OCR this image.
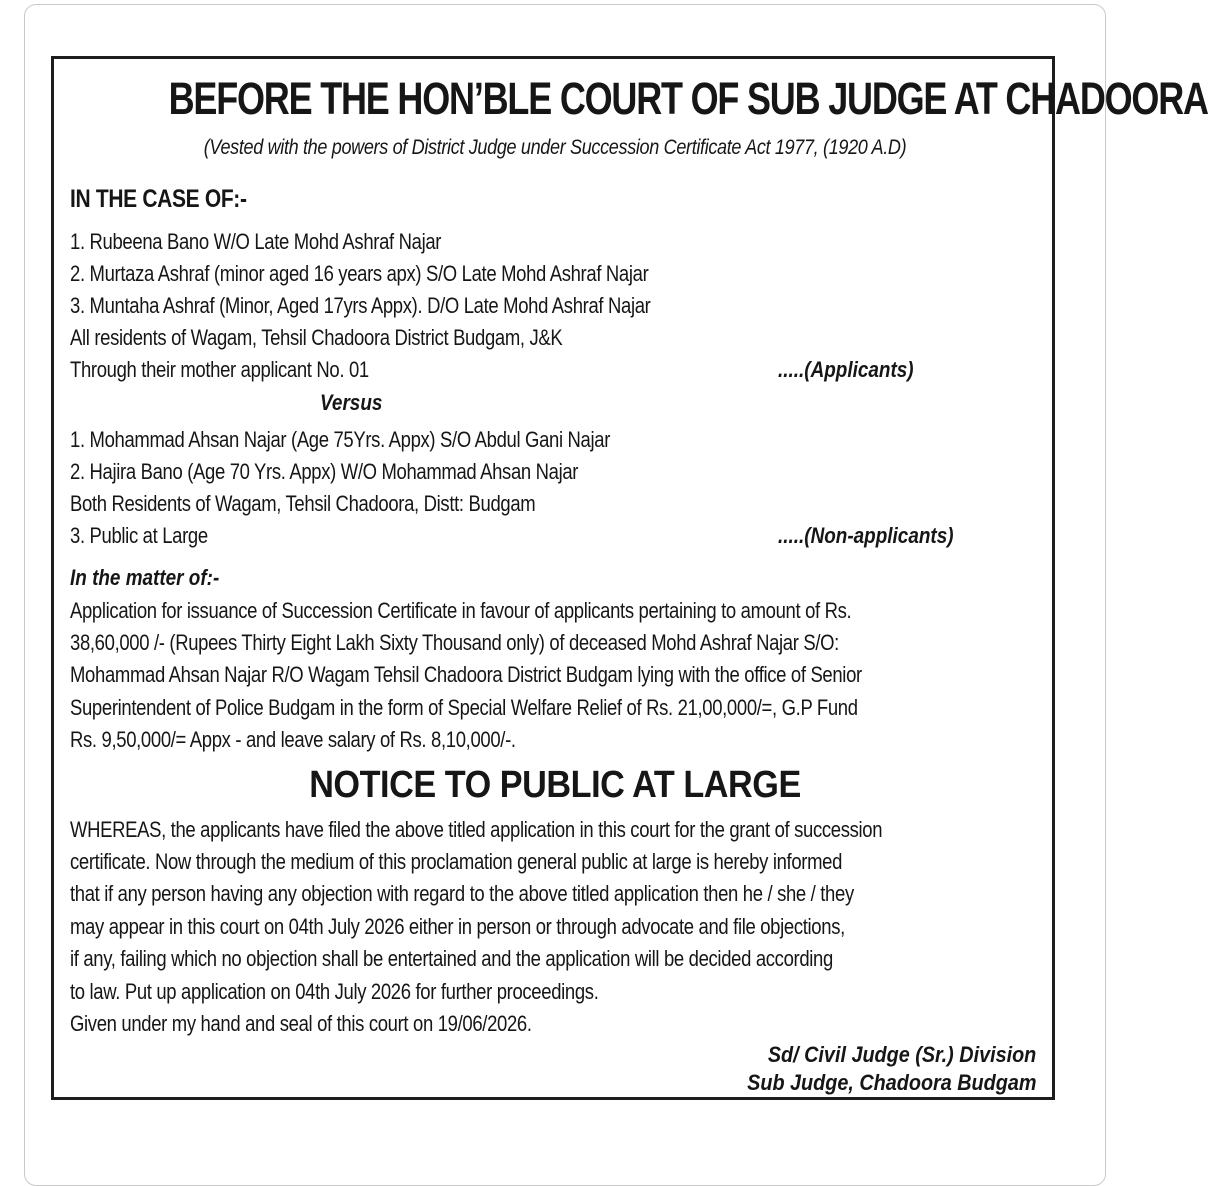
BEFORE THE HON’BLE COURT OF SUB JUDGE AT CHADOORA
(Vested with the powers of District Judge under Succession Certificate Act 1977, (1920 A.D)
IN THE CASE OF:-
1. Rubeena Bano W/O Late Mohd Ashraf Najar
2. Murtaza Ashraf (minor aged 16 years apx) S/O Late Mohd Ashraf Najar
3. Muntaha Ashraf (Minor, Aged 17yrs Appx). D/O Late Mohd Ashraf Najar
All residents of Wagam, Tehsil Chadoora District Budgam, J&K
Through their mother applicant No. 01	.....(Applicants)
Versus
1. Mohammad Ahsan Najar (Age 75Yrs. Appx) S/O Abdul Gani Najar
2. Hajira Bano (Age 70 Yrs. Appx) W/O Mohammad Ahsan Najar
Both Residents of Wagam, Tehsil Chadoora, Distt: Budgam
3. Public at Large	.....(Non-applicants)
In the matter of:-
Application for issuance of Succession Certificate in favour of applicants pertaining to amount of Rs.
38,60,000 /- (Rupees Thirty Eight Lakh Sixty Thousand only) of deceased Mohd Ashraf Najar S/O:
Mohammad Ahsan Najar R/O Wagam Tehsil Chadoora District Budgam lying with the office of Senior
Superintendent of Police Budgam in the form of Special Welfare Relief of Rs. 21,00,000/=, G.P Fund
Rs. 9,50,000/= Appx - and leave salary of Rs. 8,10,000/-.
NOTICE TO PUBLIC AT LARGE
WHEREAS, the applicants have filed the above titled application in this court for the grant of succession
certificate. Now through the medium of this proclamation general public at large is hereby informed
that if any person having any objection with regard to the above titled application then he / she / they
may appear in this court on 04th July 2026 either in person or through advocate and file objections,
if any, failing which no objection shall be entertained and the application will be decided according
to law. Put up application on 04th July 2026 for further proceedings.
Given under my hand and seal of this court on 19/06/2026.
Sd/ Civil Judge (Sr.) Division
Sub Judge, Chadoora Budgam
